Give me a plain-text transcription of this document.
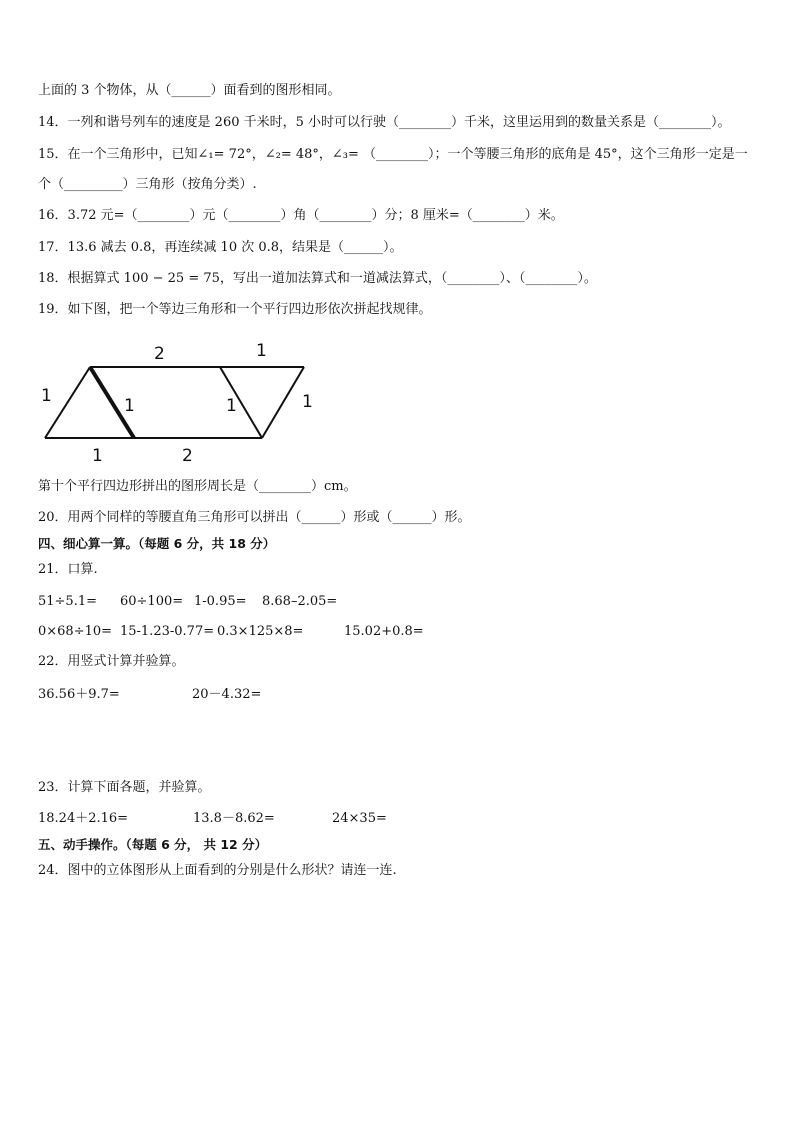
上面的 3 个物体，从（______）面看到的图形相同。
14．一列和谐号列车的速度是 260 千米时，5 小时可以行驶（________）千米，这里运用到的数量关系是（________）。
15．在一个三角形中，已知∠₁= 72°，∠₂= 48°，∠₃= （________）；一个等腰三角形的底角是 45°，这个三角形一定是一
个（_________）三角形（按角分类）.
16．3.72 元=（________）元（________）角（________）分；8 厘米=（________）米。
17．13.6 减去 0.8，再连续减 10 次 0.8，结果是（______）。
18．根据算式 100 − 25 = 75，写出一道加法算式和一道减法算式，（________）、（________）。
19．如下图，把一个等边三角形和一个平行四边形依次拼起找规律。
2	1
1	1	1	1
1	2
第十个平行四边形拼出的图形周长是（________）cm。
20．用两个同样的等腰直角三角形可以拼出（______）形或（______）形。
四、细心算一算。（每题 6 分，共 18 分）
21．口算.
51÷5.1= 60÷100= 1-0.95= 8.68–2.05=
0×68÷10= 15-1.23-0.77= 0.3×125×8=	15.02+0.8=
22．用竖式计算并验算。
36.56＋9.7=	20－4.32=
23．计算下面各题，并验算。
18.24＋2.16=	13.8－8.62=	24×35=
五、动手操作。（每题 6 分， 共 12 分）
24．图中的立体图形从上面看到的分别是什么形状？请连一连.
